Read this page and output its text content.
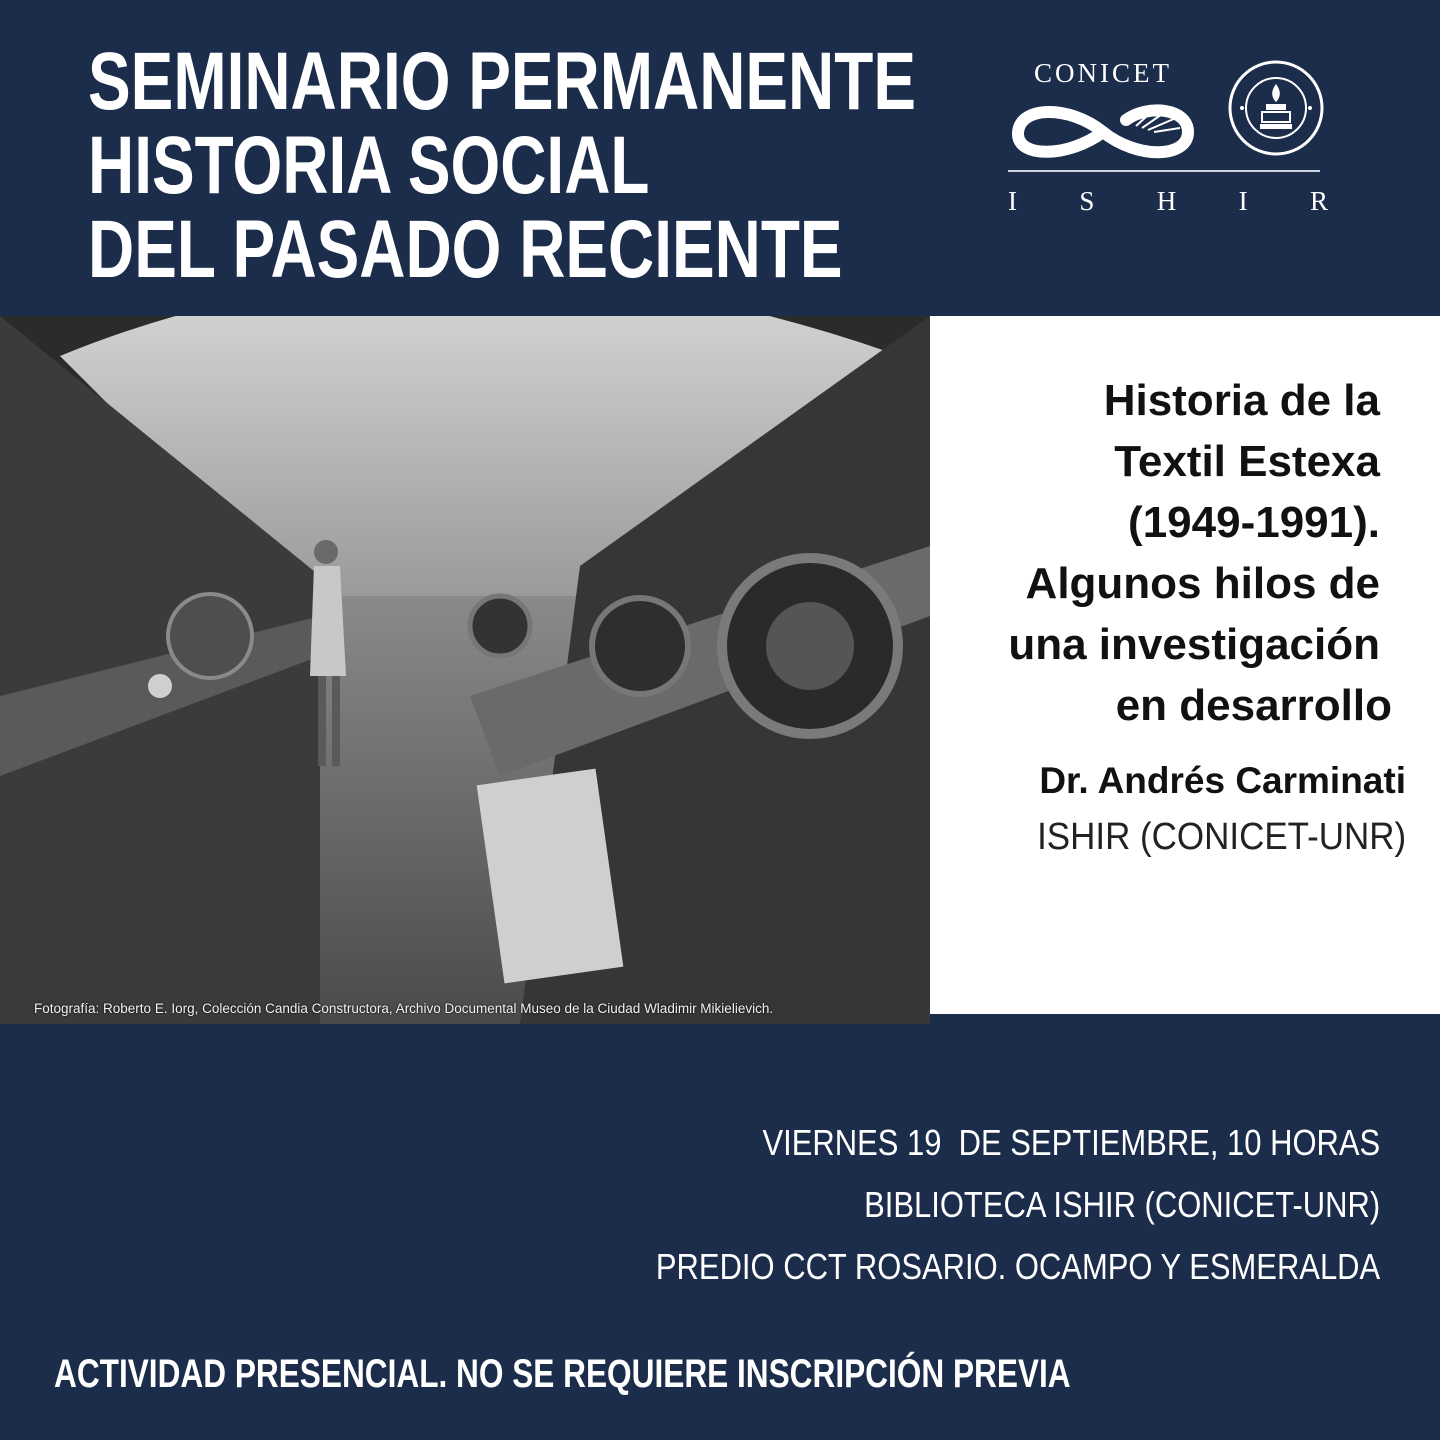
SEMINARIO PERMANENTE
HISTORIA SOCIAL
DEL PASADO RECIENTE
CONICET
I S H I R
Fotografía: Roberto E. Iorg, Colección Candia Constructora, Archivo Documental Museo de la Ciudad Wladimir Mikielievich.
Historia de la
Textil Estexa
(1949-1991).
Algunos hilos de
una investigación
en desarrollo
Dr. Andrés Carminati
ISHIR (CONICET-UNR)
VIERNES 19  DE SEPTIEMBRE, 10 HORAS
BIBLIOTECA ISHIR (CONICET-UNR)
PREDIO CCT ROSARIO. OCAMPO Y ESMERALDA
ACTIVIDAD PRESENCIAL. NO SE REQUIERE INSCRIPCIÓN PREVIA
